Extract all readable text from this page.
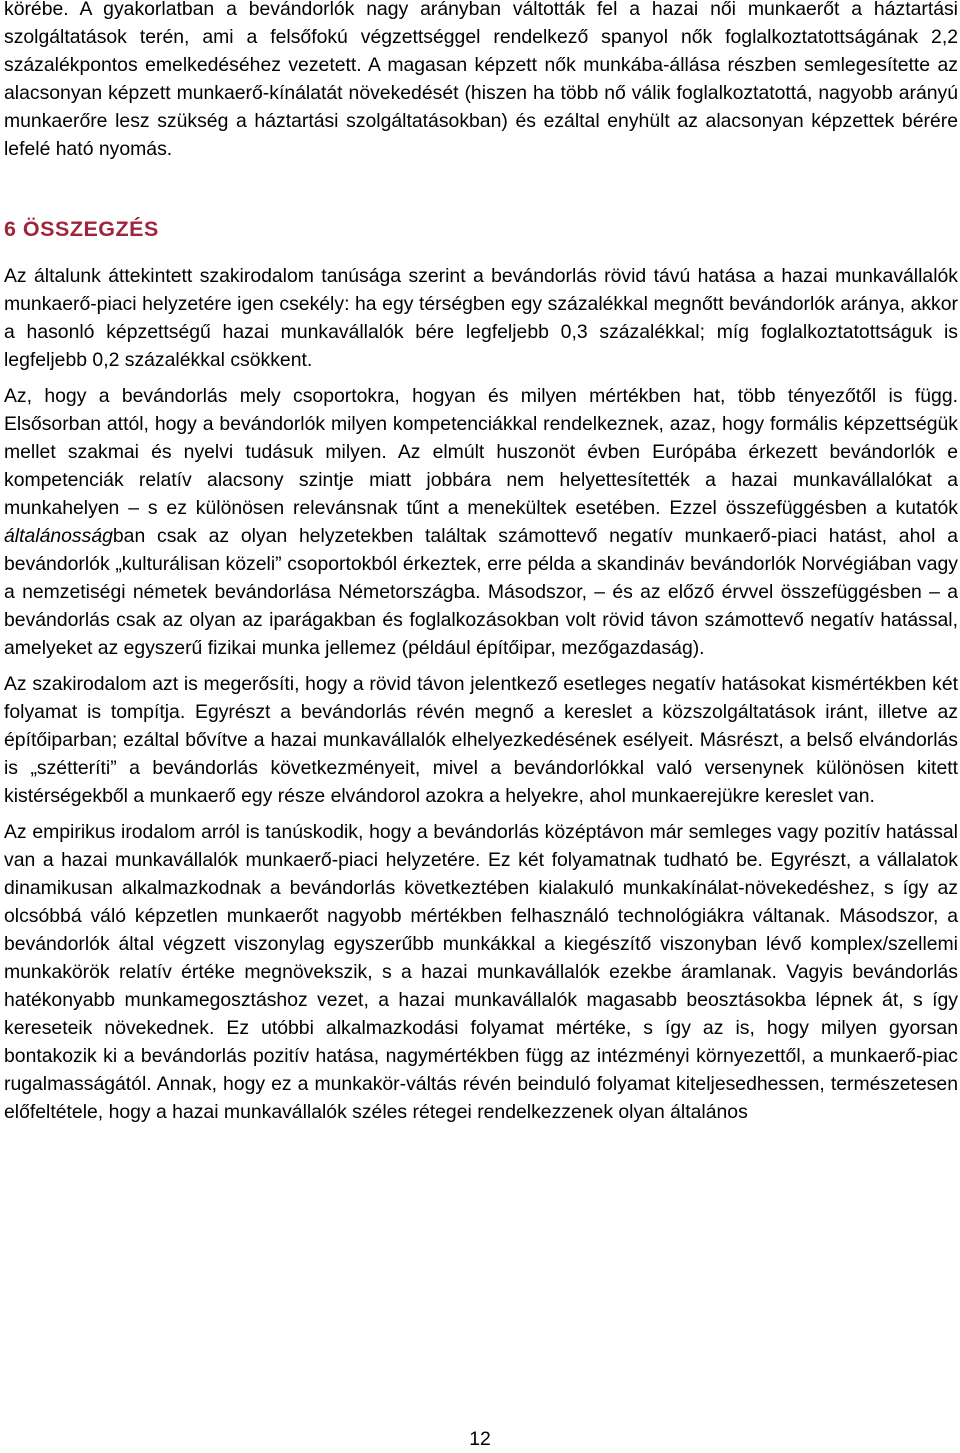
körébe. A gyakorlatban a bevándorlók nagy arányban váltották fel a hazai női munkaerőt a háztartási szolgáltatások terén, ami a felsőfokú végzettséggel rendelkező spanyol nők foglalkoztatottságának 2,2 százalékpontos emelkedéséhez vezetett. A magasan képzett nők munkába-állása részben semlegesítette az alacsonyan képzett munkaerő-kínálatát növekedését (hiszen ha több nő válik foglalkoztatottá, nagyobb arányú munkaerőre lesz szükség a háztartási szolgáltatásokban) és ezáltal enyhült az alacsonyan képzettek bérére lefelé ható nyomás.

6 ÖSSZEGZÉS

Az általunk áttekintett szakirodalom tanúsága szerint a bevándorlás rövid távú hatása a hazai munkavállalók munkaerő-piaci helyzetére igen csekély: ha egy térségben egy százalékkal megnőtt bevándorlók aránya, akkor a hasonló képzettségű hazai munkavállalók bére legfeljebb 0,3 százalékkal; míg foglalkoztatottságuk is legfeljebb 0,2 százalékkal csökkent.

Az, hogy a bevándorlás mely csoportokra, hogyan és milyen mértékben hat, több tényezőtől is függ. Elsősorban attól, hogy a bevándorlók milyen kompetenciákkal rendelkeznek, azaz, hogy formális képzettségük mellet szakmai és nyelvi tudásuk milyen. Az elmúlt huszonöt évben Európába érkezett bevándorlók e kompetenciák relatív alacsony szintje miatt jobbára nem helyettesítették a hazai munkavállalókat a munkahelyen – s ez különösen relevánsnak tűnt a menekültek esetében. Ezzel összefüggésben a kutatók általánosságban csak az olyan helyzetekben találtak számottevő negatív munkaerő-piaci hatást, ahol a bevándorlók „kulturálisan közeli” csoportokból érkeztek, erre példa a skandináv bevándorlók Norvégiában vagy a nemzetiségi németek bevándorlása Németországba. Másodszor, – és az előző érvvel összefüggésben – a bevándorlás csak az olyan az iparágakban és foglalkozásokban volt rövid távon számottevő negatív hatással, amelyeket az egyszerű fizikai munka jellemez (például építőipar, mezőgazdaság).

Az szakirodalom azt is megerősíti, hogy a rövid távon jelentkező esetleges negatív hatásokat kismértékben két folyamat is tompítja. Egyrészt a bevándorlás révén megnő a kereslet a közszolgáltatások iránt, illetve az építőiparban; ezáltal bővítve a hazai munkavállalók elhelyezkedésének esélyeit. Másrészt, a belső elvándorlás is „szétteríti” a bevándorlás következményeit, mivel a bevándorlókkal való versenynek különösen kitett kistérségekből a munkaerő egy része elvándorol azokra a helyekre, ahol munkaerejükre kereslet van.

Az empirikus irodalom arról is tanúskodik, hogy a bevándorlás középtávon már semleges vagy pozitív hatással van a hazai munkavállalók munkaerő-piaci helyzetére. Ez két folyamatnak tudható be. Egyrészt, a vállalatok dinamikusan alkalmazkodnak a bevándorlás következtében kialakuló munkakínálat-növekedéshez, s így az olcsóbbá váló képzetlen munkaerőt nagyobb mértékben felhasználó technológiákra váltanak. Másodszor, a bevándorlók által végzett viszonylag egyszerűbb munkákkal a kiegészítő viszonyban lévő komplex/szellemi munkakörök relatív értéke megnövekszik, s a hazai munkavállalók ezekbe áramlanak. Vagyis bevándorlás hatékonyabb munkamegosztáshoz vezet, a hazai munkavállalók magasabb beosztásokba lépnek át, s így kereseteik növekednek. Ez utóbbi alkalmazkodási folyamat mértéke, s így az is, hogy milyen gyorsan bontakozik ki a bevándorlás pozitív hatása, nagymértékben függ az intézményi környezettől, a munkaerő-piac rugalmasságától. Annak, hogy ez a munkakör-váltás révén beinduló folyamat kiteljesedhessen, természetesen előfeltétele, hogy a hazai munkavállalók széles rétegei rendelkezzenek olyan általános

12
